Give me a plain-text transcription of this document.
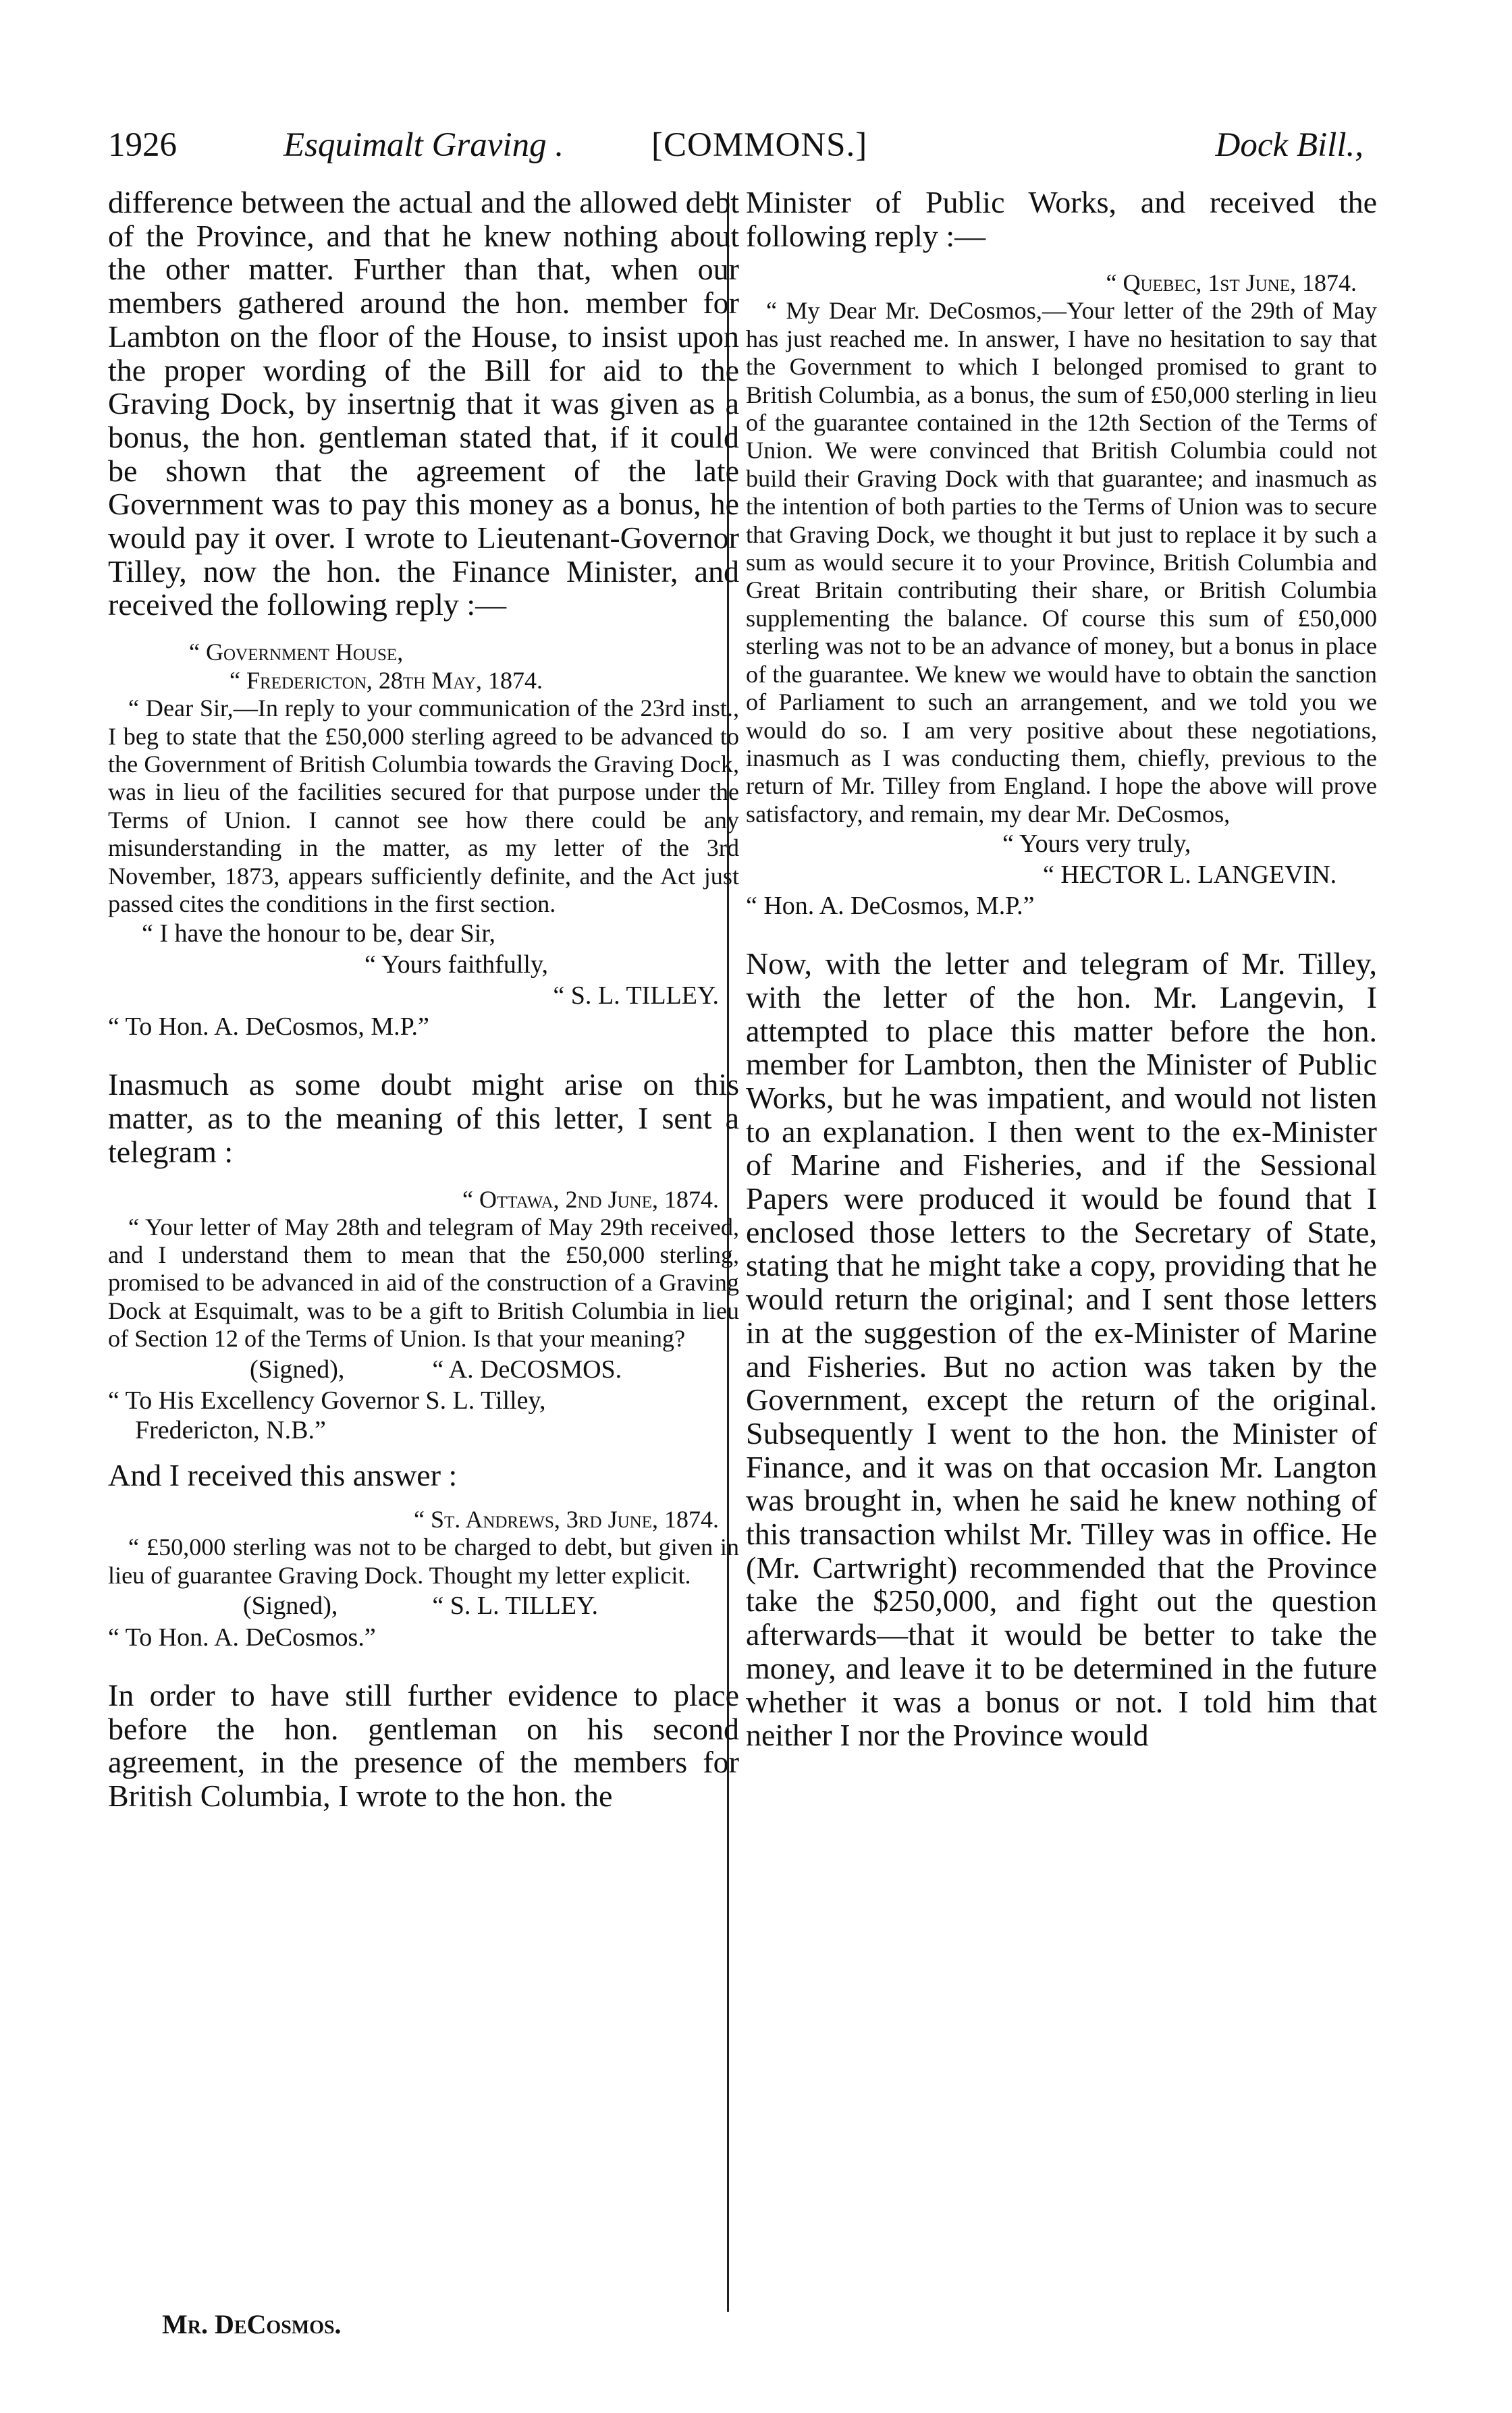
1926	Esquimalt Graving .	[COMMONS.]	Dock Bill.,

difference between the actual and the allowed debt of the Province, and that he knew nothing about the other matter. Further than that, when our members gathered around the hon. member for Lambton on the floor of the House, to insist upon the proper wording of the Bill for aid to the Graving Dock, by insertnig that it was given as a bonus, the hon. gentleman stated that, if it could be shown that the agreement of the late Government was to pay this money as a bonus, he would pay it over. I wrote to Lieutenant-Governor Tilley, now the hon. the Finance Minister, and received the following reply :—

“ Government House,

“ Fredericton, 28th May, 1874.

“ Dear Sir,—In reply to your communication of the 23rd inst., I beg to state that the £50,000 sterling agreed to be advanced to the Government of British Columbia towards the Graving Dock, was in lieu of the facilities secured for that purpose under the Terms of Union. I cannot see how there could be any misunderstanding in the matter, as my letter of the 3rd November, 1873, appears sufficiently definite, and the Act just passed cites the conditions in the first section.

“ I have the honour to be, dear Sir,

“ Yours faithfully,

“ S. L. TILLEY.

“ To Hon. A. DeCosmos, M.P.”

Inasmuch as some doubt might arise on this matter, as to the meaning of this letter, I sent a telegram :

“ Ottawa, 2nd June, 1874.

“ Your letter of May 28th and telegram of May 29th received, and I understand them to mean that the £50,000 sterling, promised to be advanced in aid of the construction of a Graving Dock at Esquimalt, was to be a gift to British Columbia in lieu of Section 12 of the Terms of Union. Is that your meaning?

(Signed),	“ A. DeCOSMOS.

“ To His Excellency Governor S. L. Tilley,

Fredericton, N.B.”

And I received this answer :

“ St. Andrews, 3rd June, 1874.

“ £50,000 sterling was not to be charged to debt, but given in lieu of guarantee Graving Dock. Thought my letter explicit.

(Signed),	“ S. L. TILLEY.

“ To Hon. A. DeCosmos.”

In order to have still further evidence to place before the hon. gentleman on his second agreement, in the presence of the members for British Columbia, I wrote to the hon. the

Minister of Public Works, and received the following reply :—

“ Quebec, 1st June, 1874.

“ My Dear Mr. DeCosmos,—Your letter of the 29th of May has just reached me. In answer, I have no hesitation to say that the Government to which I belonged promised to grant to British Columbia, as a bonus, the sum of £50,000 sterling in lieu of the guarantee contained in the 12th Section of the Terms of Union. We were convinced that British Columbia could not build their Graving Dock with that guarantee; and inasmuch as the intention of both parties to the Terms of Union was to secure that Graving Dock, we thought it but just to replace it by such a sum as would secure it to your Province, British Columbia and Great Britain contributing their share, or British Columbia supplementing the balance. Of course this sum of £50,000 sterling was not to be an advance of money, but a bonus in place of the guarantee. We knew we would have to obtain the sanction of Parliament to such an arrangement, and we told you we would do so. I am very positive about these negotiations, inasmuch as I was conducting them, chiefly, previous to the return of Mr. Tilley from England. I hope the above will prove satisfactory, and remain, my dear Mr. DeCosmos,

“ Yours very truly,

“ HECTOR L. LANGEVIN.

“ Hon. A. DeCosmos, M.P.”

Now, with the letter and telegram of Mr. Tilley, with the letter of the hon. Mr. Langevin, I attempted to place this matter before the hon. member for Lambton, then the Minister of Public Works, but he was impatient, and would not listen to an explanation. I then went to the ex-Minister of Marine and Fisheries, and if the Sessional Papers were produced it would be found that I enclosed those letters to the Secretary of State, stating that he might take a copy, providing that he would return the original; and I sent those letters in at the suggestion of the ex-Minister of Marine and Fisheries. But no action was taken by the Government, except the return of the original. Subsequently I went to the hon. the Minister of Finance, and it was on that occasion Mr. Langton was brought in, when he said he knew nothing of this transaction whilst Mr. Tilley was in office. He (Mr. Cartwright) recommended that the Province take the $250,000, and fight out the question afterwards—that it would be better to take the money, and leave it to be determined in the future whether it was a bonus or not. I told him that neither I nor the Province would

Mr. DeCosmos.
